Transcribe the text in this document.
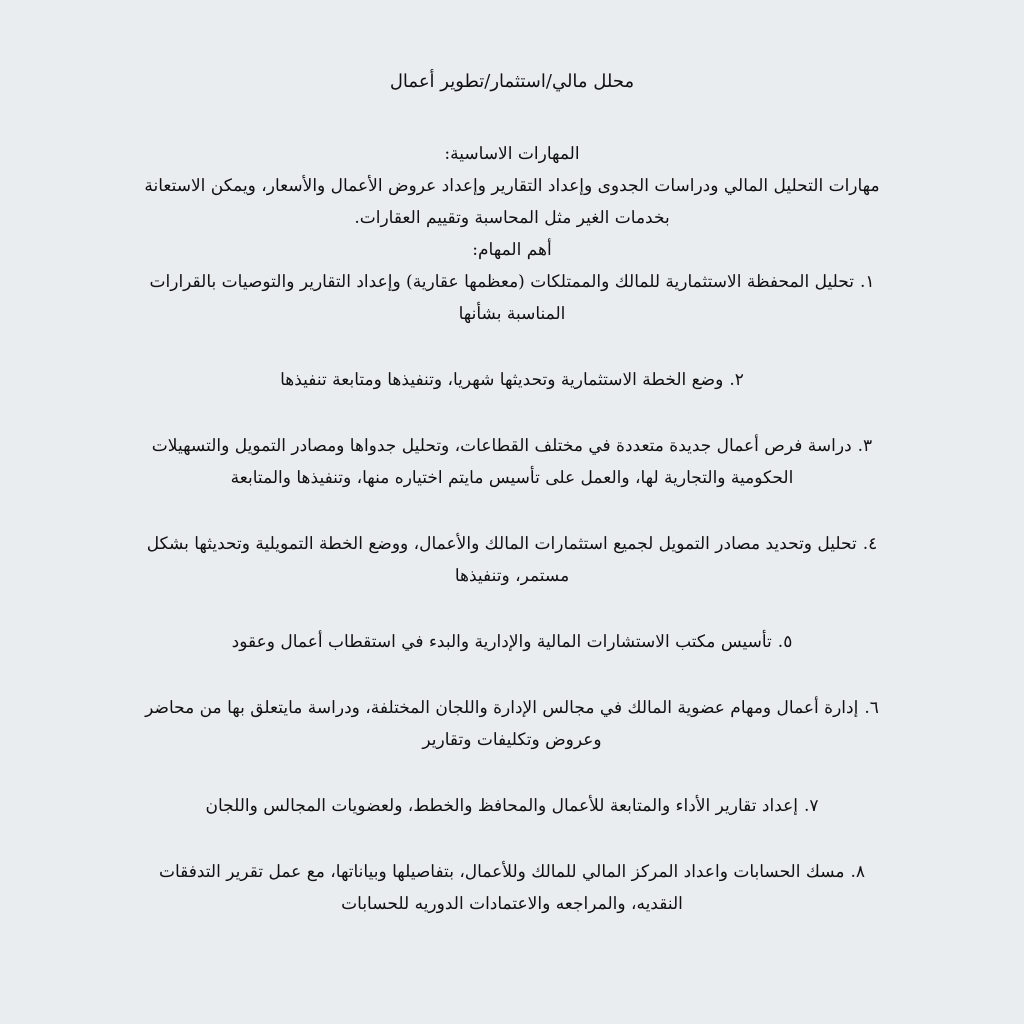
محلل مالي/استثمار/تطوير أعمال

المهارات الاساسية:

مهارات التحليل المالي ودراسات الجدوى وإعداد التقارير وإعداد عروض الأعمال والأسعار، ويمكن الاستعانة بخدمات الغير مثل المحاسبة وتقييم العقارات.

أهم المهام:

١.تحليل المحفظة الاستثمارية للمالك والممتلكات (معظمها عقارية) وإعداد التقارير والتوصيات بالقرارات المناسبة بشأنها
٢.وضع الخطة الاستثمارية وتحديثها شهريا، وتنفيذها ومتابعة تنفيذها
٣.دراسة فرص أعمال جديدة متعددة في مختلف القطاعات، وتحليل جدواها ومصادر التمويل والتسهيلات الحكومية والتجارية لها، والعمل على تأسيس مايتم اختياره منها، وتنفيذها والمتابعة
٤.تحليل وتحديد مصادر التمويل لجميع استثمارات المالك والأعمال، ووضع الخطة التمويلية وتحديثها بشكل مستمر، وتنفيذها
٥.تأسيس مكتب الاستشارات المالية والإدارية والبدء في استقطاب أعمال وعقود
٦.إدارة أعمال ومهام عضوية المالك في مجالس الإدارة واللجان المختلفة، ودراسة مايتعلق بها من محاضر وعروض وتكليفات وتقارير
٧.إعداد تقارير الأداء والمتابعة للأعمال والمحافظ والخطط، ولعضويات المجالس واللجان
٨.مسك الحسابات واعداد المركز المالي للمالك وللأعمال، بتفاصيلها وبياناتها، مع عمل تقرير التدفقات النقديه، والمراجعه والاعتمادات الدوريه للحسابات
